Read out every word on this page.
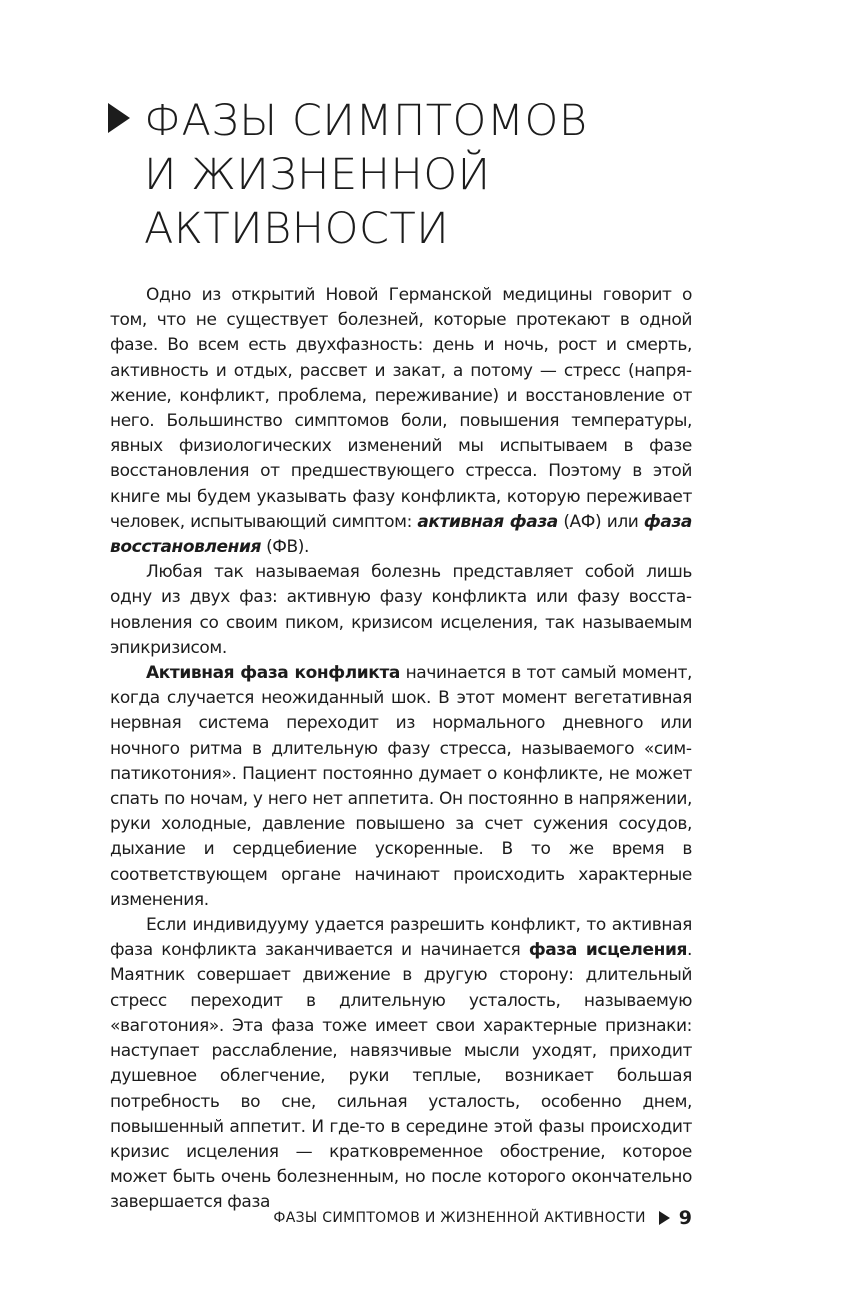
ФАЗЫ СИМПТОМОВ
И ЖИЗНЕННОЙ
АКТИВНОСТИ

Одно из открытий Новой Германской медицины говорит о том, что не существует болезней, которые протекают в одной фазе. Во всем есть двухфазность: день и ночь, рост и смерть, активность и отдых, рассвет и закат, а потому — стресс (напряжение, конфликт, проблема, переживание) и восстановление от него. Большинство симптомов боли, повышения температуры, явных физиологических изменений мы испытываем в фазе восстановления от предшествующего стресса. Поэтому в этой книге мы будем указывать фазу конфликта, которую переживает человек, испытывающий симптом: активная фаза (АФ) или фаза восстановления (ФВ).

Любая так называемая болезнь представляет собой лишь одну из двух фаз: активную фазу конфликта или фазу восстановления со своим пиком, кризисом исцеления, так называемым эпикризисом.

Активная фаза конфликта начинается в тот самый момент, когда случается неожиданный шок. В этот момент вегетативная нервная система переходит из нормального дневного или ночного ритма в длительную фазу стресса, называемого «симпатикотония». Пациент постоянно думает о конфликте, не может спать по ночам, у него нет аппетита. Он постоянно в напряжении, руки холодные, давление повышено за счет сужения сосудов, дыхание и сердцебиение ускоренные. В то же время в соответствующем органе начинают происходить характерные изменения.

Если индивидууму удается разрешить конфликт, то активная фаза конфликта заканчивается и начинается фаза исцеления. Маятник совершает движение в другую сторону: длительный стресс переходит в длительную усталость, называемую «ваготония». Эта фаза тоже имеет свои характерные признаки: наступает расслабление, навязчивые мысли уходят, приходит душевное облегчение, руки теплые, возникает большая потребность во сне, сильная усталость, особенно днем, повышенный аппетит. И где-то в середине этой фазы происходит кризис исцеления — кратковременное обострение, которое может быть очень болезненным, но после которого окончательно завершается фаза

ФАЗЫ СИМПТОМОВ И ЖИЗНЕННОЙ АКТИВНОСТИ 9
